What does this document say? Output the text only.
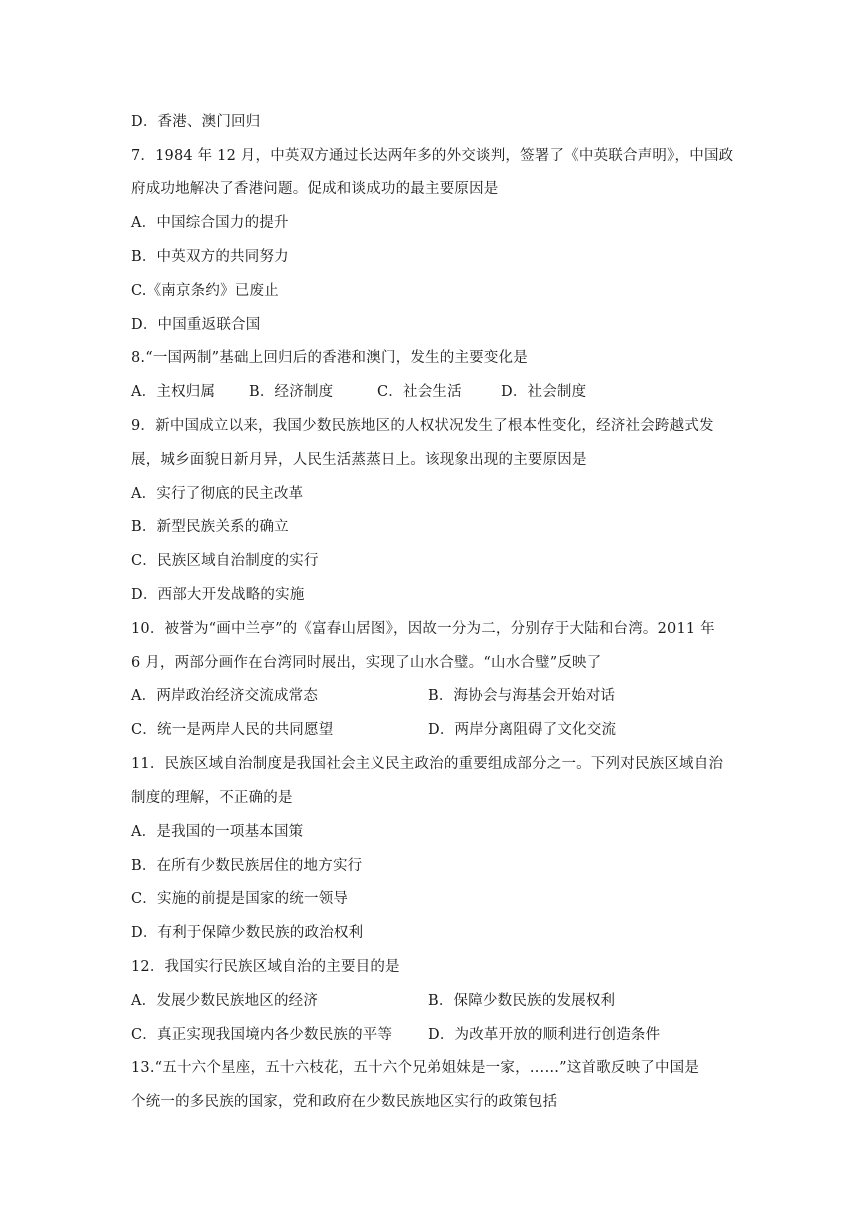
D．香港、澳门回归
7．1984 年 12 月，中英双方通过长达两年多的外交谈判，签署了《中英联合声明》，中国政
府成功地解决了香港问题。促成和谈成功的最主要原因是
A．中国综合国力的提升
B．中英双方的共同努力
C.《南京条约》已废止
D．中国重返联合国
8.“一国两制”基础上回归后的香港和澳门，发生的主要变化是
A．主权归属 B．经济制度	C．社会生活	D．社会制度
9．新中国成立以来，我国少数民族地区的人权状况发生了根本性变化，经济社会跨越式发
展，城乡面貌日新月异，人民生活蒸蒸日上。该现象出现的主要原因是
A．实行了彻底的民主改革
B．新型民族关系的确立
C．民族区域自治制度的实行
D．西部大开发战略的实施
10．被誉为“画中兰亭”的《富春山居图》，因故一分为二，分别存于大陆和台湾。2011 年
6 月，两部分画作在台湾同时展出，实现了山水合璧。“山水合璧”反映了
A．两岸政治经济交流成常态	B．海协会与海基会开始对话
C．统一是两岸人民的共同愿望	D．两岸分离阻碍了文化交流
11．民族区域自治制度是我国社会主义民主政治的重要组成部分之一。下列对民族区域自治
制度的理解，不正确的是
A．是我国的一项基本国策
B．在所有少数民族居住的地方实行
C．实施的前提是国家的统一领导
D．有利于保障少数民族的政治权利
12．我国实行民族区域自治的主要目的是
A．发展少数民族地区的经济	B．保障少数民族的发展权利
C．真正实现我国境内各少数民族的平等 D．为改革开放的顺利进行创造条件
13.“五十六个星座，五十六枝花，五十六个兄弟姐妹是一家，……”这首歌反映了中国是
个统一的多民族的国家，党和政府在少数民族地区实行的政策包括
